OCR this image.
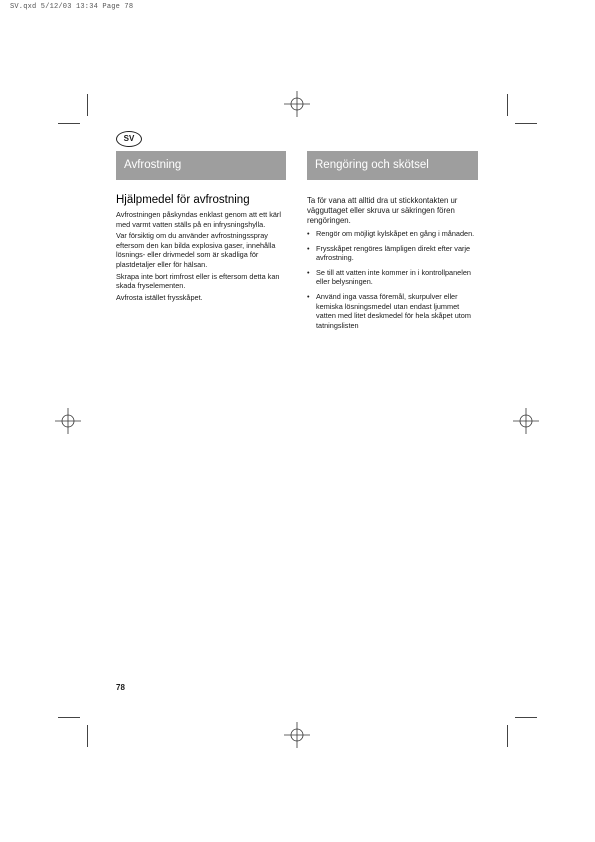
SV.qxd 5/12/03 13:34 Page 78
SV
Avfrostning	Rengöring och skötsel
Hjälpmedel för avfrostning

Avfrostningen påskyndas enklast genom att ett kärl med varmt vatten ställs på en infrysningshylla.

Var försiktig om du använder avfrostningsspray eftersom den kan bilda explosiva gaser, innehålla lösnings- eller drivmedel som är skadliga för plastdetaljer eller för hälsan.

Skrapa inte bort rimfrost eller is eftersom detta kan skada fryselementen.

Avfrosta istället frysskåpet.

Ta för vana att alltid dra ut stickkontakten ur vägguttaget eller skruva ur säkringen fören rengöringen.

• Rengör om möjligt kylskåpet en gång i månaden.
• Frysskåpet rengöres lämpligen direkt efter varje avfrostning.
• Se till att vatten inte kommer in i kontrollpanelen eller belysningen.
• Använd inga vassa föremål, skurpulver eller kemiska lösningsmedel utan endast ljummet vatten med litet deskmedel för hela skåpet utom tatningslisten
78
